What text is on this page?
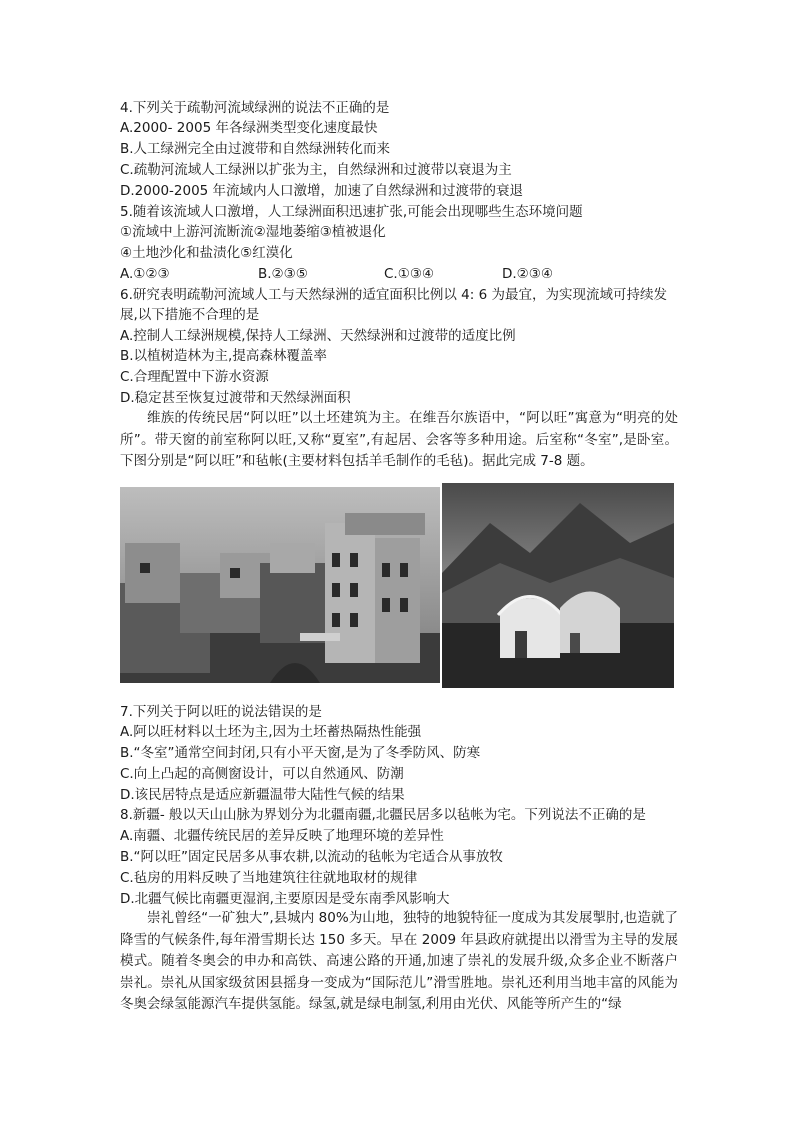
4.下列关于疏勒河流域绿洲的说法不正确的是
A.2000- 2005 年各绿洲类型变化速度最快
B.人工绿洲完全由过渡带和自然绿洲转化而来
C.疏勒河流域人工绿洲以扩张为主，自然绿洲和过渡带以衰退为主
D.2000-2005 年流域内人口激增，加速了自然绿洲和过渡带的衰退
5.随着该流域人口激增，人工绿洲面积迅速扩张,可能会出现哪些生态环境问题
①流域中上游河流断流②湿地萎缩③植被退化
④土地沙化和盐渍化⑤红漠化
A.①②③	B.②③⑤	C.①③④	D.②③④
6.研究表明疏勒河流域人工与天然绿洲的适宜面积比例以 4: 6 为最宜，为实现流域可持续发
展,以下措施不合理的是
A.控制人工绿洲规模,保持人工绿洲、天然绿洲和过渡带的适度比例
B.以植树造林为主,提高森林覆盖率
C.合理配置中下游水资源
D.稳定甚至恢复过渡带和天然绿洲面积
维族的传统民居“阿以旺”以土坯建筑为主。在维吾尔族语中，“阿以旺”寓意为“明亮的处所”。带天窗的前室称阿以旺,又称“夏室”,有起居、会客等多种用途。后室称“冬室”,是卧室。下图分别是“阿以旺”和毡帐(主要材料包括羊毛制作的毛毡)。据此完成 7-8 题。
7.下列关于阿以旺的说法错误的是
A.阿以旺材料以土坯为主,因为土坯蓄热隔热性能强
B.“冬室”通常空间封闭,只有小平天窗,是为了冬季防风、防寒
C.向上凸起的高侧窗设计，可以自然通风、防潮
D.该民居特点是适应新疆温带大陆性气候的结果
8.新疆- 般以天山山脉为界划分为北疆南疆,北疆民居多以毡帐为宅。下列说法不正确的是
A.南疆、北疆传统民居的差异反映了地理环境的差异性
B.“阿以旺”固定民居多从事农耕,以流动的毡帐为宅适合从事放牧
C.毡房的用料反映了当地建筑往往就地取材的规律
D.北疆气候比南疆更湿润,主要原因是受东南季风影响大
崇礼曾经“一矿独大”,县城内 80%为山地，独特的地貌特征一度成为其发展掣肘,也造就了降雪的气候条件,每年滑雪期长达 150 多天。早在 2009 年县政府就提出以滑雪为主导的发展模式。随着冬奥会的申办和高铁、高速公路的开通,加速了崇礼的发展升级,众多企业不断落户崇礼。崇礼从国家级贫困县摇身一变成为“国际范儿”滑雪胜地。崇礼还利用当地丰富的风能为冬奥会绿氢能源汽车提供氢能。绿氢,就是绿电制氢,利用由光伏、风能等所产生的“绿
